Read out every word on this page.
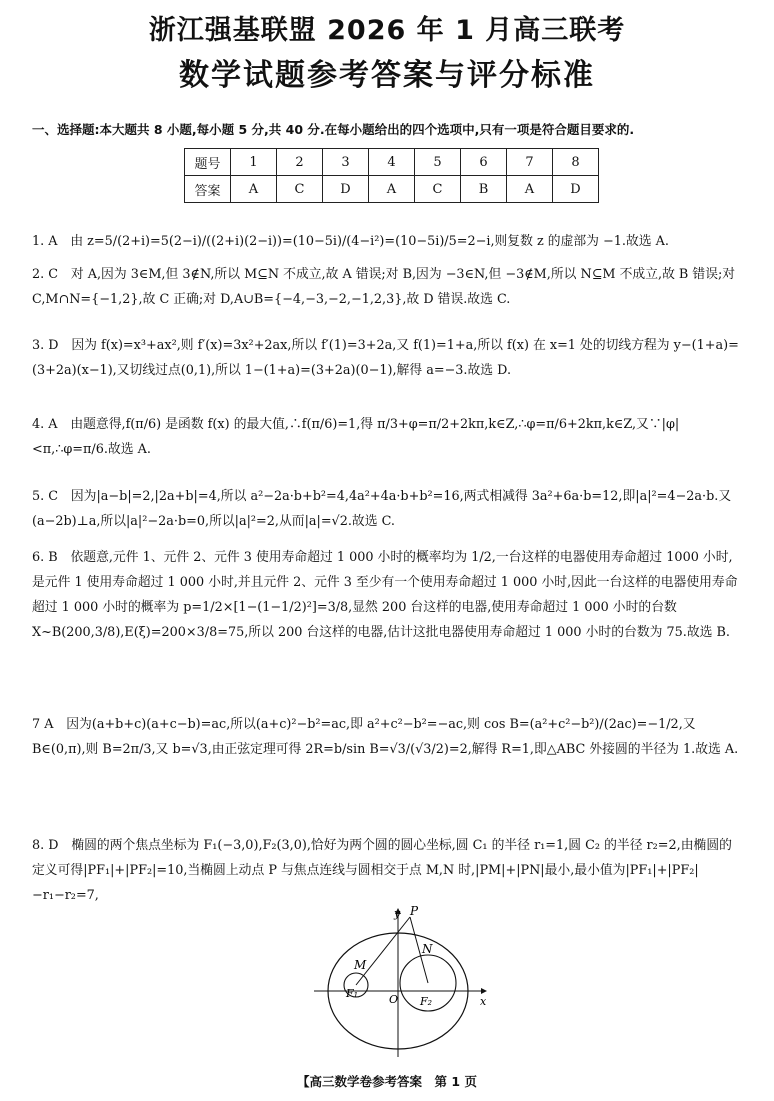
浙江强基联盟 2026 年 1 月高三联考
数学试题参考答案与评分标准
一、选择题:本大题共 8 小题,每小题 5 分,共 40 分.在每小题给出的四个选项中,只有一项是符合题目要求的.
题号	1	2	3	4	5	6	7	8
答案	A	C	D	A	C	B	A	D
1. A　由 z=5/(2+i)=5(2−i)/((2+i)(2−i))=(10−5i)/(4−i²)=(10−5i)/5=2−i,则复数 z 的虚部为 −1.故选 A.
2. C　对 A,因为 3∈M,但 3∉N,所以 M⊆N 不成立,故 A 错误;对 B,因为 −3∈N,但 −3∉M,所以 N⊆M 不成立,故 B 错误;对 C,M∩N={−1,2},故 C 正确;对 D,A∪B={−4,−3,−2,−1,2,3},故 D 错误.故选 C.
3. D　因为 f(x)=x³+ax²,则 f′(x)=3x²+2ax,所以 f′(1)=3+2a,又 f(1)=1+a,所以 f(x) 在 x=1 处的切线方程为 y−(1+a)=(3+2a)(x−1),又切线过点(0,1),所以 1−(1+a)=(3+2a)(0−1),解得 a=−3.故选 D.
4. A　由题意得,f(π/6) 是函数 f(x) 的最大值,∴f(π/6)=1,得 π/3+φ=π/2+2kπ,k∈Z,∴φ=π/6+2kπ,k∈Z,又∵|φ|<π,∴φ=π/6.故选 A.
5. C　因为|a−b|=2,|2a+b|=4,所以 a²−2a·b+b²=4,4a²+4a·b+b²=16,两式相减得 3a²+6a·b=12,即|a|²=4−2a·b.又(a−2b)⊥a,所以|a|²−2a·b=0,所以|a|²=2,从而|a|=√2.故选 C.
6. B　依题意,元件 1、元件 2、元件 3 使用寿命超过 1 000 小时的概率均为 1/2,一台这样的电器使用寿命超过 1000 小时,是元件 1 使用寿命超过 1 000 小时,并且元件 2、元件 3 至少有一个使用寿命超过 1 000 小时,因此一台这样的电器使用寿命超过 1 000 小时的概率为 p=1/2×[1−(1−1/2)²]=3/8,显然 200 台这样的电器,使用寿命超过 1 000 小时的台数 X~B(200,3/8),E(ξ)=200×3/8=75,所以 200 台这样的电器,估计这批电器使用寿命超过 1 000 小时的台数为 75.故选 B.
7 A　因为(a+b+c)(a+c−b)=ac,所以(a+c)²−b²=ac,即 a²+c²−b²=−ac,则 cos B=(a²+c²−b²)/(2ac)=−1/2,又 B∈(0,π),则 B=2π/3,又 b=√3,由正弦定理可得 2R=b/sin B=√3/(√3/2)=2,解得 R=1,即△ABC 外接圆的半径为 1.故选 A.
8. D　椭圆的两个焦点坐标为 F₁(−3,0),F₂(3,0),恰好为两个圆的圆心坐标,圆 C₁ 的半径 r₁=1,圆 C₂ 的半径 r₂=2,由椭圆的定义可得|PF₁|+|PF₂|=10,当椭圆上动点 P 与焦点连线与圆相交于点 M,N 时,|PM|+|PN|最小,最小值为|PF₁|+|PF₂|−r₁−r₂=7,
y P
N
M
F₁	O F₂	x
【高三数学卷参考答案　第 1 页
